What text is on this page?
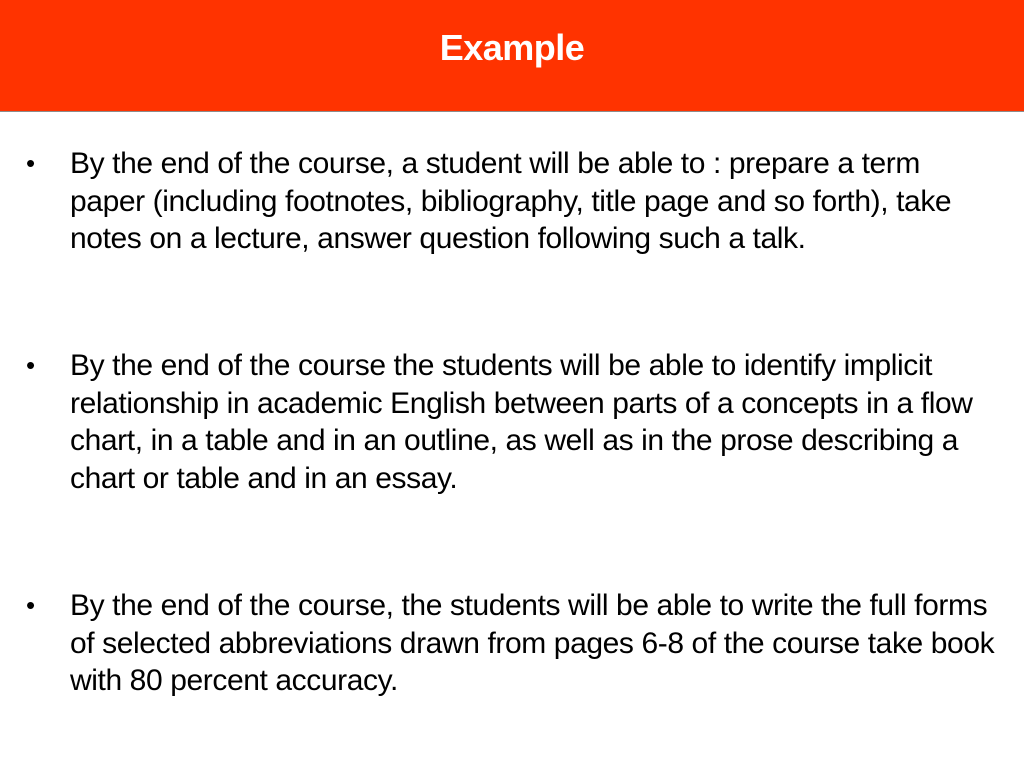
Example
•	By the end of the course, a student will be able to : prepare a term paper (including footnotes, bibliography, title page and so forth), take notes on a lecture, answer question following such a talk.
•	By the end of the course the students will be able to identify implicit relationship in academic English between parts of a concepts in a flow chart, in a table and in an outline, as well as in the prose describing a chart or table and in an essay.
•	By the end of the course, the students will be able to write the full forms of selected abbreviations drawn from pages 6-8 of the course take book with 80 percent accuracy.
